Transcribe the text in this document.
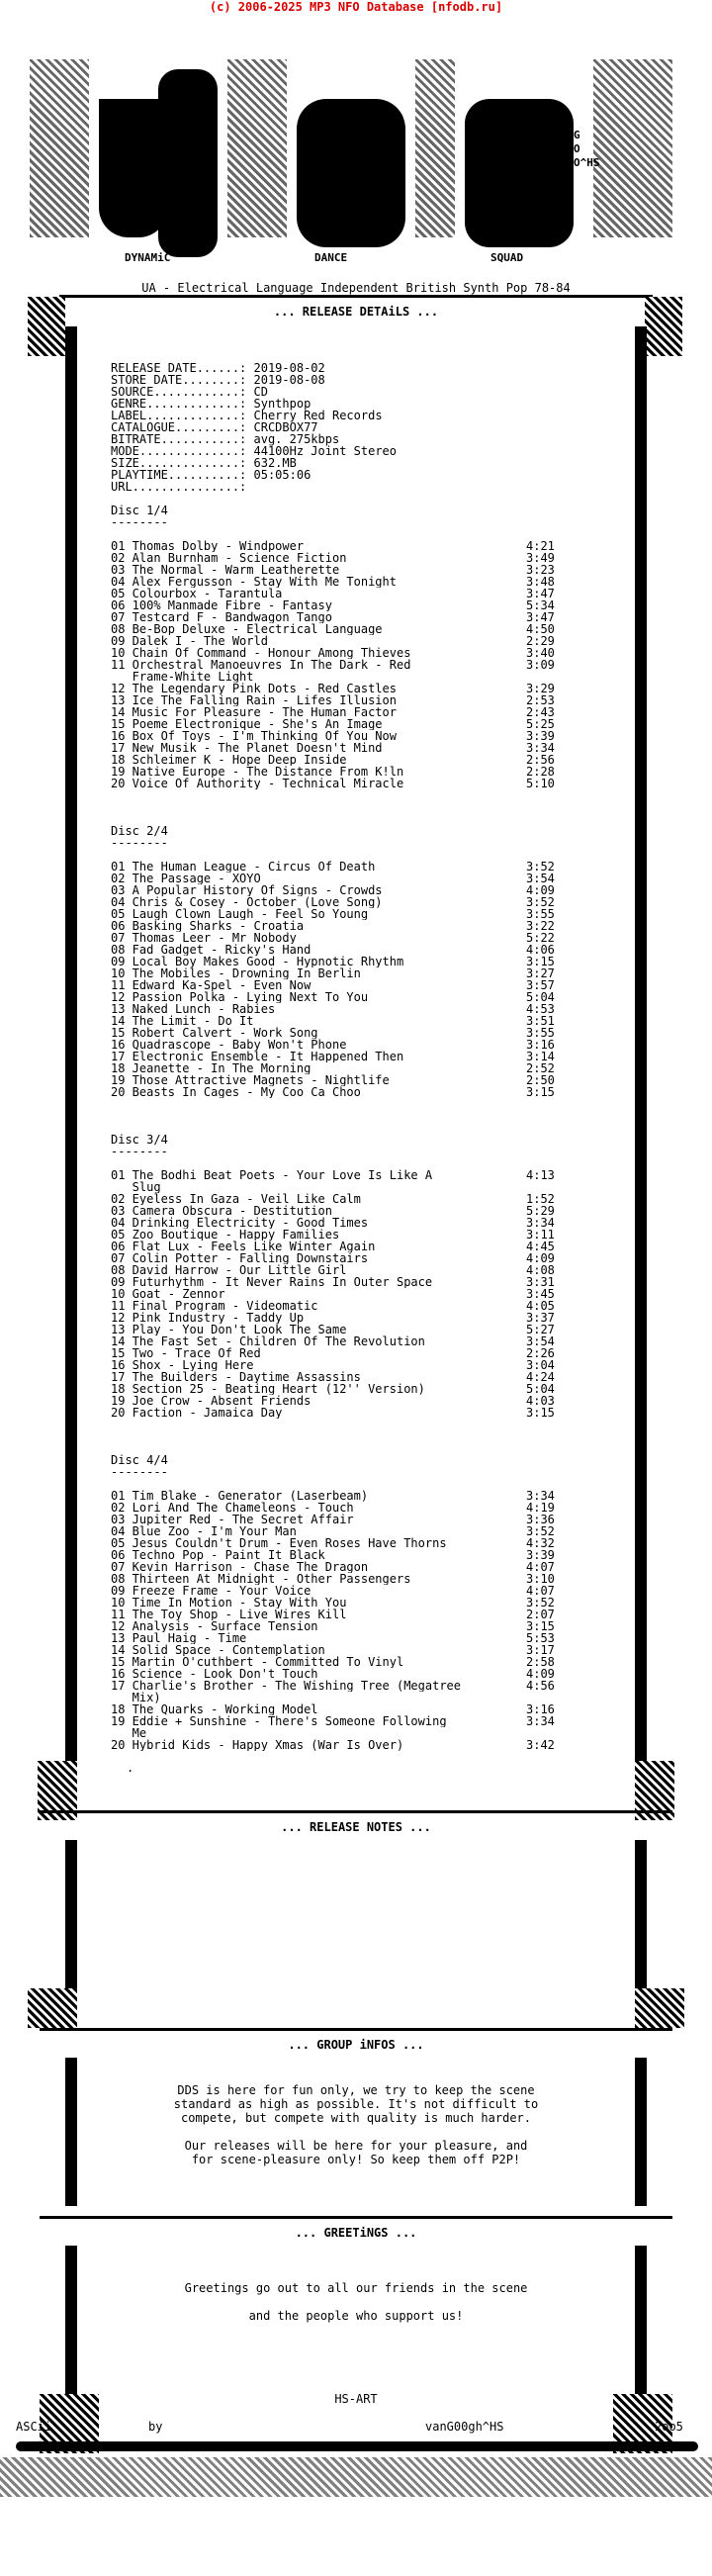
(c) 2006-2025 MP3 NFO Database [nfodb.ru]
G
O
O^HS
DYNAMiC	DANCE	SQUAD
UA - Electrical Language Independent British Synth Pop 78-84
... RELEASE DETAiLS ...
RELEASE DATE......: 2019-08-02
STORE DATE........: 2019-08-08
SOURCE............: CD
GENRE.............: Synthpop
LABEL.............: Cherry Red Records
CATALOGUE.........: CRCDBOX77
BITRATE...........: avg. 275kbps
MODE..............: 44100Hz Joint Stereo
SIZE..............: 632.MB
PLAYTIME..........: 05:05:06
URL...............:
Disc 1/4
--------
01 Thomas Dolby - Windpower	4:21
02 Alan Burnham - Science Fiction	3:49
03 The Normal - Warm Leatherette	3:23
04 Alex Fergusson - Stay With Me Tonight	3:48
05 Colourbox - Tarantula	3:47
06 100% Manmade Fibre - Fantasy	5:34
07 Testcard F - Bandwagon Tango	3:47
08 Be-Bop Deluxe - Electrical Language	4:50
09 Dalek I - The World	2:29
10 Chain Of Command - Honour Among Thieves	3:40
11 Orchestral Manoeuvres In The Dark - Red	3:09
Frame-White Light
12 The Legendary Pink Dots - Red Castles	3:29
13 Ice The Falling Rain - Lifes Illusion	2:53
14 Music For Pleasure - The Human Factor	2:43
15 Poeme Electronique - She's An Image	5:25
16 Box Of Toys - I'm Thinking Of You Now	3:39
17 New Musik - The Planet Doesn't Mind	3:34
18 Schleimer K - Hope Deep Inside	2:56
19 Native Europe - The Distance From K!ln	2:28
20 Voice Of Authority - Technical Miracle	5:10
Disc 2/4
--------
01 The Human League - Circus Of Death	3:52
02 The Passage - XOYO	3:54
03 A Popular History Of Signs - Crowds	4:09
04 Chris & Cosey - October (Love Song)	3:52
05 Laugh Clown Laugh - Feel So Young	3:55
06 Basking Sharks - Croatia	3:22
07 Thomas Leer - Mr Nobody	5:22
08 Fad Gadget - Ricky's Hand	4:06
09 Local Boy Makes Good - Hypnotic Rhythm	3:15
10 The Mobiles - Drowning In Berlin	3:27
11 Edward Ka-Spel - Even Now	3:57
12 Passion Polka - Lying Next To You	5:04
13 Naked Lunch - Rabies	4:53
14 The Limit - Do It	3:51
15 Robert Calvert - Work Song	3:55
16 Quadrascope - Baby Won't Phone	3:16
17 Electronic Ensemble - It Happened Then	3:14
18 Jeanette - In The Morning	2:52
19 Those Attractive Magnets - Nightlife	2:50
20 Beasts In Cages - My Coo Ca Choo	3:15
Disc 3/4
--------
01 The Bodhi Beat Poets - Your Love Is Like A	4:13
Slug
02 Eyeless In Gaza - Veil Like Calm	1:52
03 Camera Obscura - Destitution	5:29
04 Drinking Electricity - Good Times	3:34
05 Zoo Boutique - Happy Families	3:11
06 Flat Lux - Feels Like Winter Again	4:45
07 Colin Potter - Falling Downstairs	4:09
08 David Harrow - Our Little Girl	4:08
09 Futurhythm - It Never Rains In Outer Space	3:31
10 Goat - Zennor	3:45
11 Final Program - Videomatic	4:05
12 Pink Industry - Taddy Up	3:37
13 Play - You Don't Look The Same	5:27
14 The Fast Set - Children Of The Revolution	3:54
15 Two - Trace Of Red	2:26
16 Shox - Lying Here	3:04
17 The Builders - Daytime Assassins	4:24
18 Section 25 - Beating Heart (12'' Version)	5:04
19 Joe Crow - Absent Friends	4:03
20 Faction - Jamaica Day	3:15
Disc 4/4
--------
01 Tim Blake - Generator (Laserbeam)	3:34
02 Lori And The Chameleons - Touch	4:19
03 Jupiter Red - The Secret Affair	3:36
04 Blue Zoo - I'm Your Man	3:52
05 Jesus Couldn't Drum - Even Roses Have Thorns	4:32
06 Techno Pop - Paint It Black	3:39
07 Kevin Harrison - Chase The Dragon	4:07
08 Thirteen At Midnight - Other Passengers	3:10
09 Freeze Frame - Your Voice	4:07
10 Time In Motion - Stay With You	3:52
11 The Toy Shop - Live Wires Kill	2:07
12 Analysis - Surface Tension	3:15
13 Paul Haig - Time	5:53
14 Solid Space - Contemplation	3:17
15 Martin O'cuthbert - Committed To Vinyl	2:58
16 Science - Look Don't Touch	4:09
17 Charlie's Brother - The Wishing Tree (Megatree	4:56
Mix)
18 The Quarks - Working Model	3:16
19 Eddie + Sunshine - There's Someone Following	3:34
Me
20 Hybrid Kids - Happy Xmas (War Is Over)	3:42
... RELEASE NOTES ...
... GROUP iNFOS ...
DDS is here for fun only, we try to keep the scene
standard as high as possible. It's not difficult to
compete, but compete with quality is much harder.
Our releases will be here for your pleasure, and
for scene-pleasure only! So keep them off P2P!
... GREETiNGS ...
Greetings go out to all our friends in the scene
and the people who support us!
HS-ART
ASCii	by	vanG00gh^HS	2oo5
.
